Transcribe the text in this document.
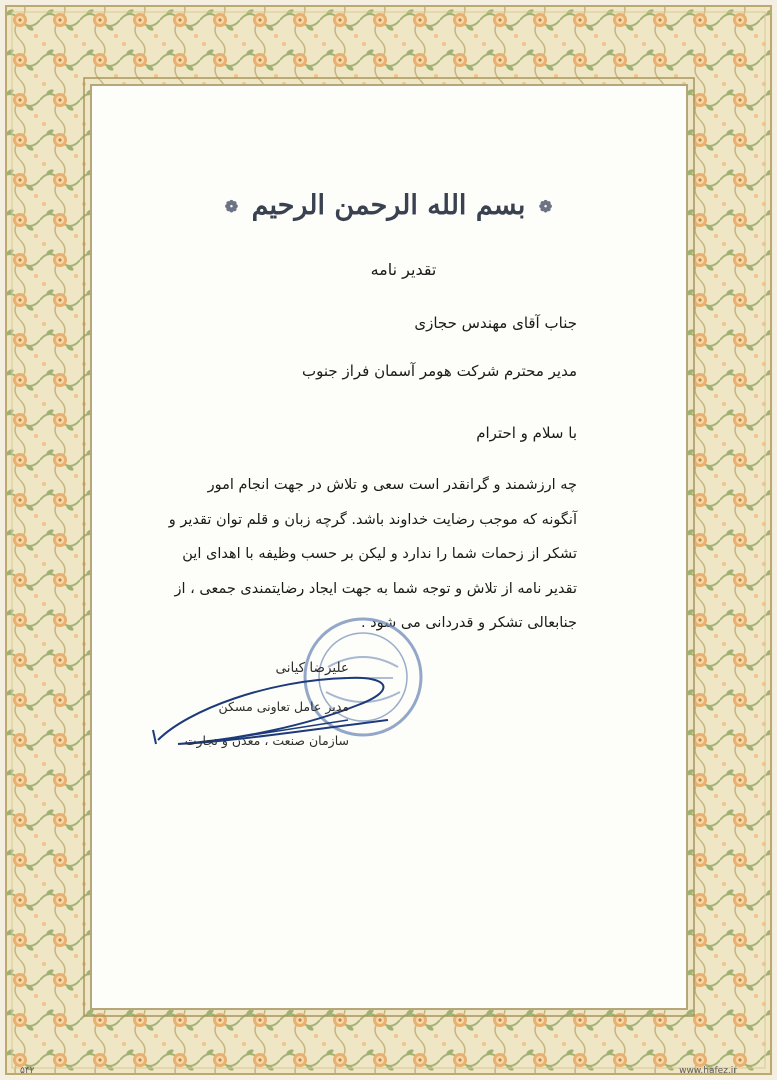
❁ بسم الله الرحمن الرحیم ❁
تقدیر نامه
جناب آقای مهندس حجازی
مدیر محترم شرکت هومر آسمان فراز جنوب
با سلام و احترام

چه ارزشمند و گرانقدر است سعی و تلاش در جهت انجام امور

آنگونه که موجب رضایت خداوند باشد. گرچه زبان و قلم توان تقدیر و

تشکر از زحمات شما را ندارد و لیکن بر حسب وظیفه با اهدای این

تقدیر نامه از تلاش و توجه شما به جهت ایجاد رضایتمندی جمعی ، از

جنابعالی تشکر و قدردانی می شود .

علیرضا کیانی
مدیر عامل تعاونی مسکن
سازمان صنعت ، معدن و تجارت
۵۴۲	www.hafez.ir
